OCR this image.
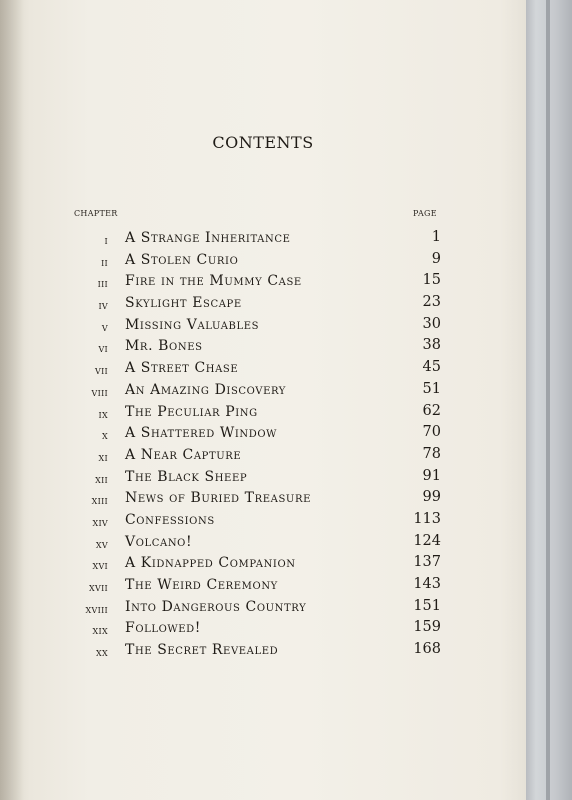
CONTENTS
CHAPTER	PAGE
i A Strange Inheritance	1
ii A Stolen Curio	9
iii Fire in the Mummy Case	15
iv Skylight Escape	23
v Missing Valuables	30
vi Mr. Bones	38
vii A Street Chase	45
viii An Amazing Discovery	51
ix The Peculiar Ping	62
x A Shattered Window	70
xi A Near Capture	78
xii The Black Sheep	91
xiii News of Buried Treasure	99
xiv Confessions	113
xv Volcano!	124
xvi A Kidnapped Companion	137
xvii The Weird Ceremony	143
xviii Into Dangerous Country	151
xix Followed!	159
xx The Secret Revealed	168
